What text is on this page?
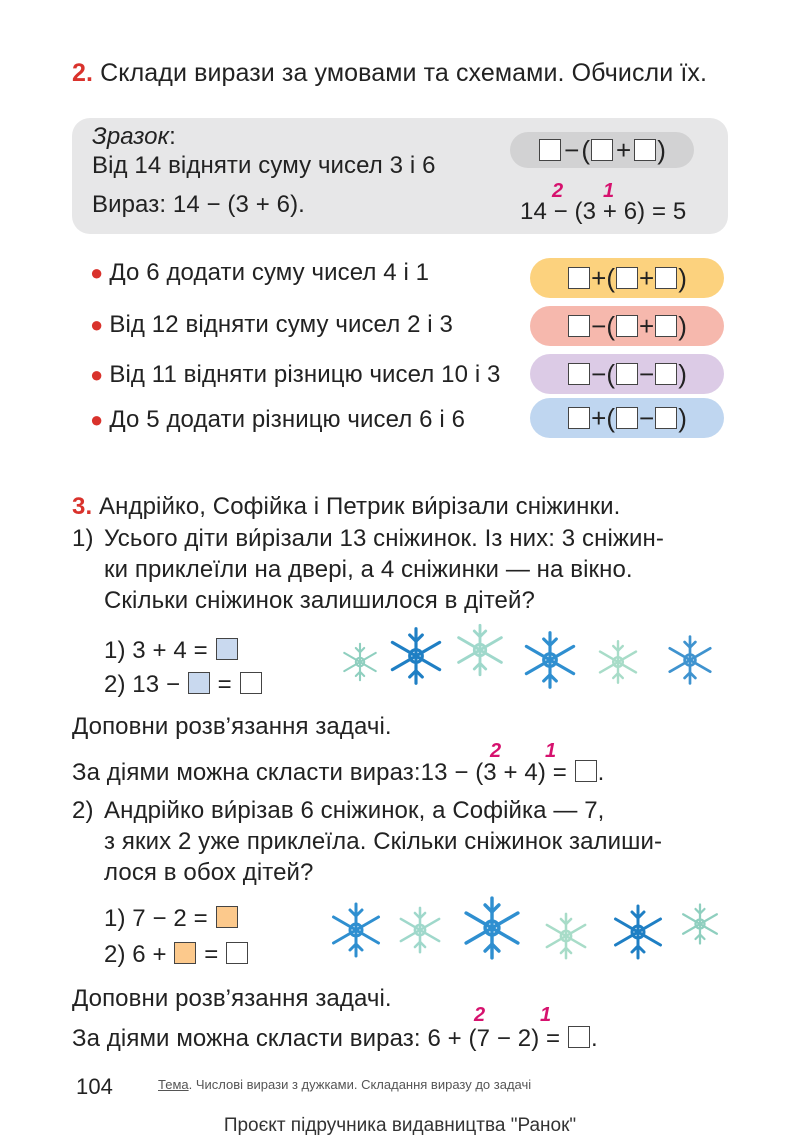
2. Склади вирази за умовами та схемами. Обчисли їх.
Зразок:
Від 14 відняти суму чисел 3 і 6
Вираз: 14 − (3 + 6).
− ( + )
14 − (3 + 6) = 5
2 1
● До 6 додати суму чисел 4 і 1	+ ( + )
● Від 12 відняти суму чисел 2 і 3	− ( + )
● Від 11 відняти різницю чисел 10 і 3	− ( − )
● До 5 додати різницю чисел 6 і 6	+ ( − )
3. Андрійко, Софійка і Петрик ви́різали сніжинки.
1) Усього діти ви́різали 13 сніжинок. Із них: 3 сніжин-
ки приклеїли на двері, а 4 сніжинки — на вікно.
Скільки сніжинок залишилося в дітей?
1) 3 + 4 =
2) 13 − =
Доповни розв’язання задачі.
За діями можна скласти вираз:13 − (3 + 4) = .
2 1
2) Андрійко ви́різав 6 сніжинок, а Софійка — 7,
з яких 2 уже приклеїла. Скільки сніжинок залиши-
лося в обох дітей?
1) 7 − 2 =
2) 6 + =
Доповни розв’язання задачі.
За діями можна скласти вираз: 6 + (7 − 2) = .
2	1
104	Тема. Числові вирази з дужками. Складання виразу до задачі
Проєкт підручника видавництва "Ранок"
